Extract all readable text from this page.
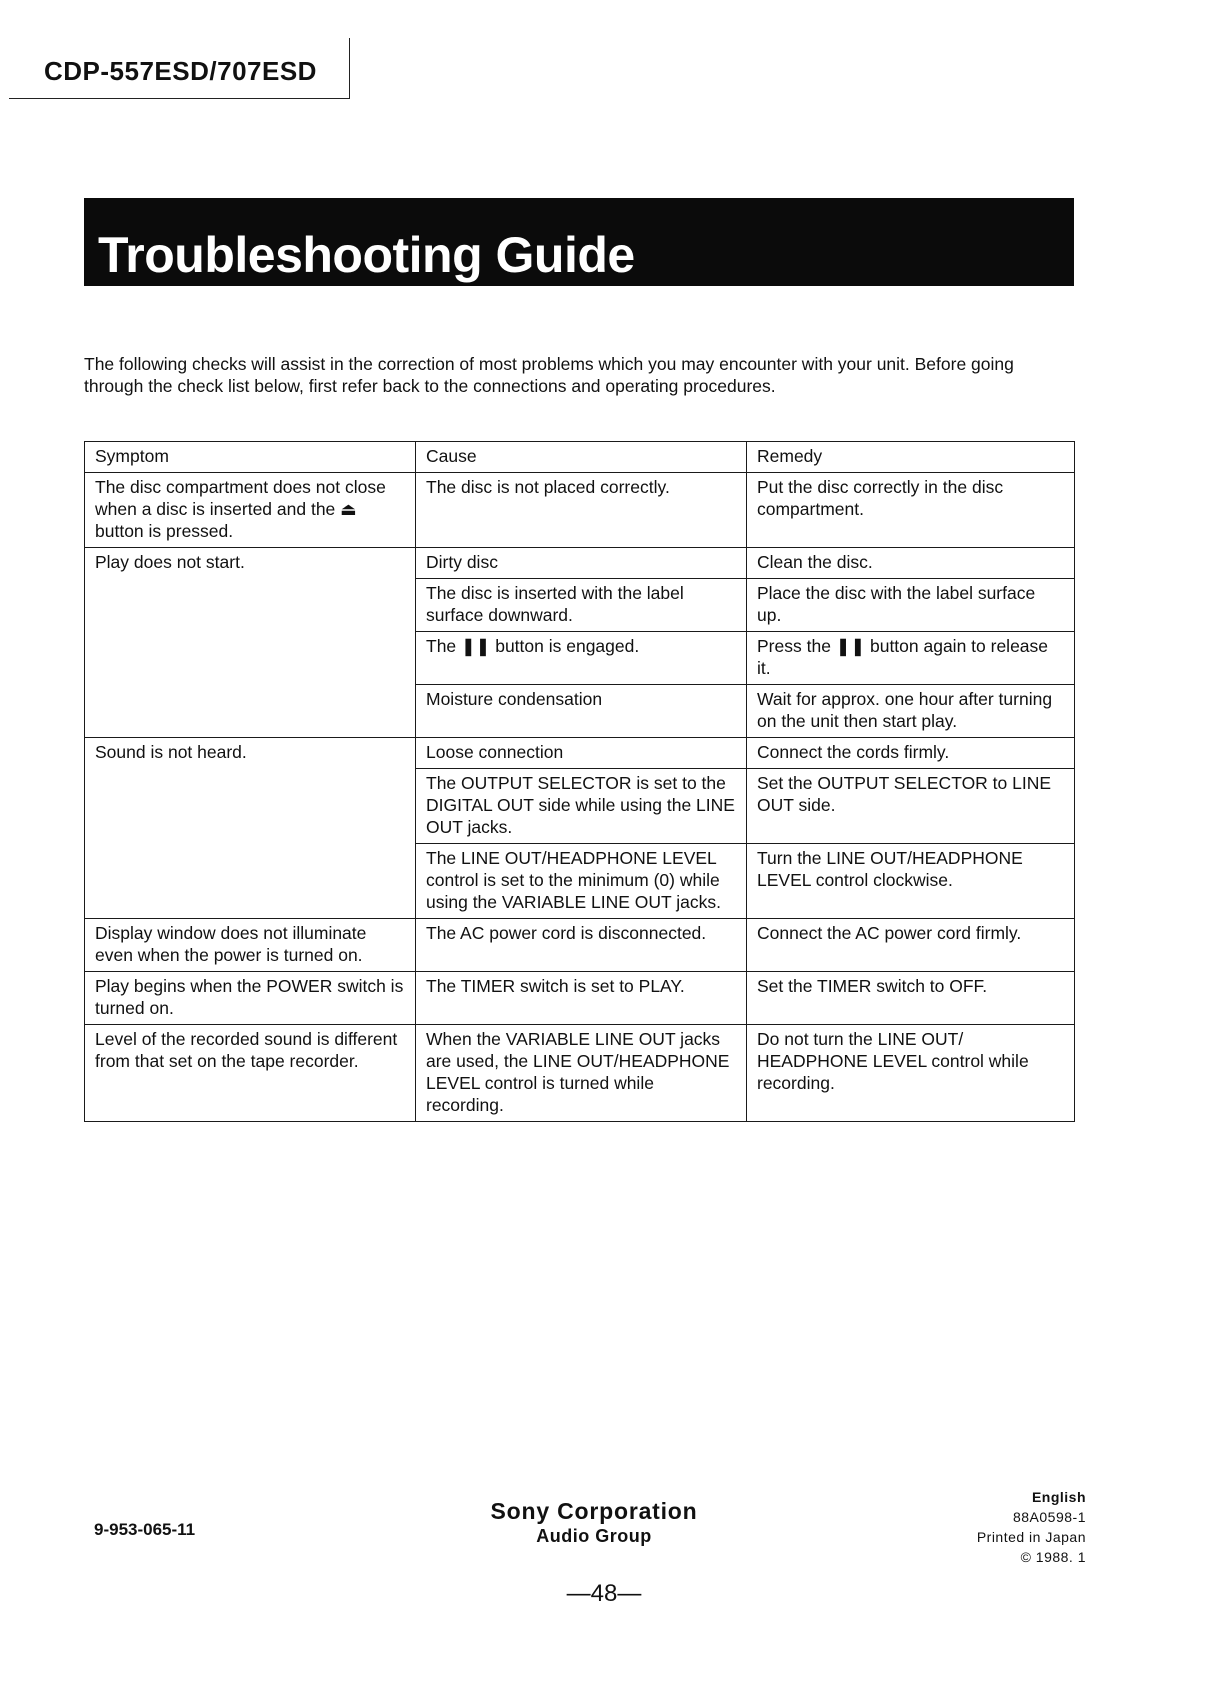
CDP-557ESD/707ESD
Troubleshooting Guide

The following checks will assist in the correction of most problems which you may encounter with your unit. Before going through the check list below, first refer back to the connections and operating procedures.

Symptom	Cause	Remedy
The disc compartment does not close when a disc is inserted and the ⏏ button is pressed.	The disc is not placed correctly.	Put the disc correctly in the disc compartment.
Play does not start.	Dirty disc	Clean the disc.
	The disc is inserted with the label surface downward.	Place the disc with the label surface up.
	The ❚❚ button is engaged.	Press the ❚❚ button again to release it.
	Moisture condensation	Wait for approx. one hour after turning on the unit then start play.
Sound is not heard.	Loose connection	Connect the cords firmly.
	The OUTPUT SELECTOR is set to the DIGITAL OUT side while using the LINE OUT jacks.	Set the OUTPUT SELECTOR to LINE OUT side.
	The LINE OUT/HEADPHONE LEVEL control is set to the minimum (0) while using the VARIABLE LINE OUT jacks.	Turn the LINE OUT/HEADPHONE LEVEL control clockwise.
Display window does not illuminate even when the power is turned on.	The AC power cord is disconnected.	Connect the AC power cord firmly.
Play begins when the POWER switch is turned on.	The TIMER switch is set to PLAY.	Set the TIMER switch to OFF.
Level of the recorded sound is different from that set on the tape recorder.	When the VARIABLE LINE OUT jacks are used, the LINE OUT/HEADPHONE LEVEL control is turned while recording.	Do not turn the LINE OUT/ HEADPHONE LEVEL control while recording.
9-953-065-11
Sony Corporation
Audio Group
English
88A0598-1
Printed in Japan
© 1988. 1
—48—
